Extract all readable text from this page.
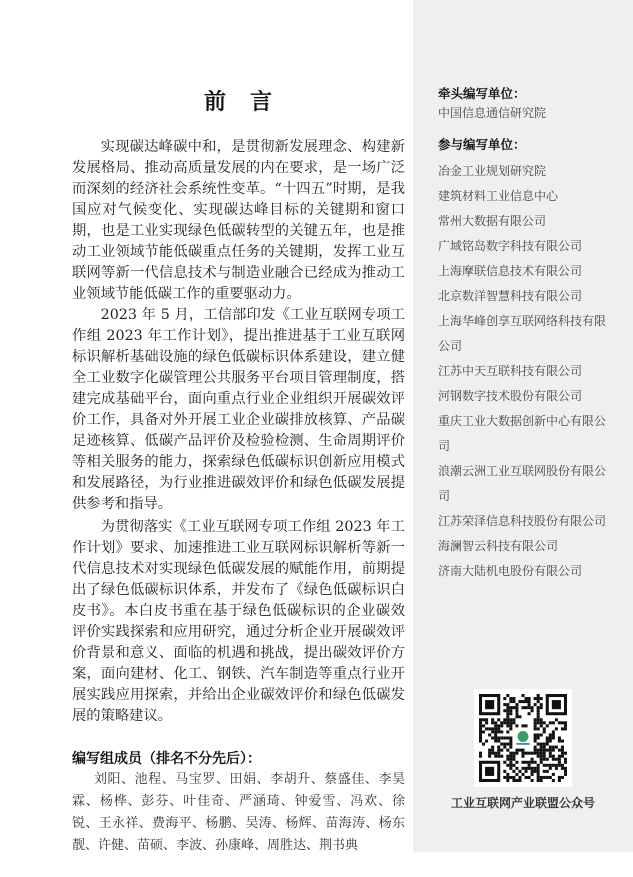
前　言

实现碳达峰碳中和，是贯彻新发展理念、构建新发展格局、推动高质量发展的内在要求，是一场广泛而深刻的经济社会系统性变革。“十四五”时期，是我国应对气候变化、实现碳达峰目标的关键期和窗口期，也是工业实现绿色低碳转型的关键五年，也是推动工业领域节能低碳重点任务的关键期，发挥工业互联网等新一代信息技术与制造业融合已经成为推动工业领域节能低碳工作的重要驱动力。

2023 年 5 月，工信部印发《工业互联网专项工作组 2023 年工作计划》，提出推进基于工业互联网标识解析基础设施的绿色低碳标识体系建设，建立健全工业数字化碳管理公共服务平台项目管理制度，搭建完成基础平台，面向重点行业企业组织开展碳效评价工作，具备对外开展工业企业碳排放核算、产品碳足迹核算、低碳产品评价及检验检测、生命周期评价等相关服务的能力，探索绿色低碳标识创新应用模式和发展路径，为行业推进碳效评价和绿色低碳发展提供参考和指导。

为贯彻落实《工业互联网专项工作组 2023 年工作计划》要求、加速推进工业互联网标识解析等新一代信息技术对实现绿色低碳发展的赋能作用，前期提出了绿色低碳标识体系，并发布了《绿色低碳标识白皮书》。本白皮书重在基于绿色低碳标识的企业碳效评价实践探索和应用研究，通过分析企业开展碳效评价背景和意义、面临的机遇和挑战，提出碳效评价方案，面向建材、化工、钢铁、汽车制造等重点行业开展实践应用探索，并给出企业碳效评价和绿色低碳发展的策略建议。

编写组成员（排名不分先后）：
刘阳、池程、马宝罗、田娟、李胡升、蔡盛佳、李昊霖、杨桦、彭芬、叶佳奇、严涵琦、钟爱雪、冯欢、徐锐、王永祥、费海平、杨鹏、吴涛、杨辉、苗海涛、杨东靓、许健、苗硕、李波、孙康峰、周胜达、荆书典
牵头编写单位：
中国信息通信研究院
参与编写单位：
冶金工业规划研究院
建筑材料工业信息中心
常州大数据有限公司
广域铭岛数字科技有限公司
上海摩联信息技术有限公司
北京数洋智慧科技有限公司
上海华峰创享互联网络科技有限公司
江苏中天互联科技有限公司
河钢数字技术股份有限公司
重庆工业大数据创新中心有限公司
浪潮云洲工业互联网股份有限公司
江苏荣泽信息科技股份有限公司
海澜智云科技有限公司
济南大陆机电股份有限公司
工业互联网产业联盟公众号
